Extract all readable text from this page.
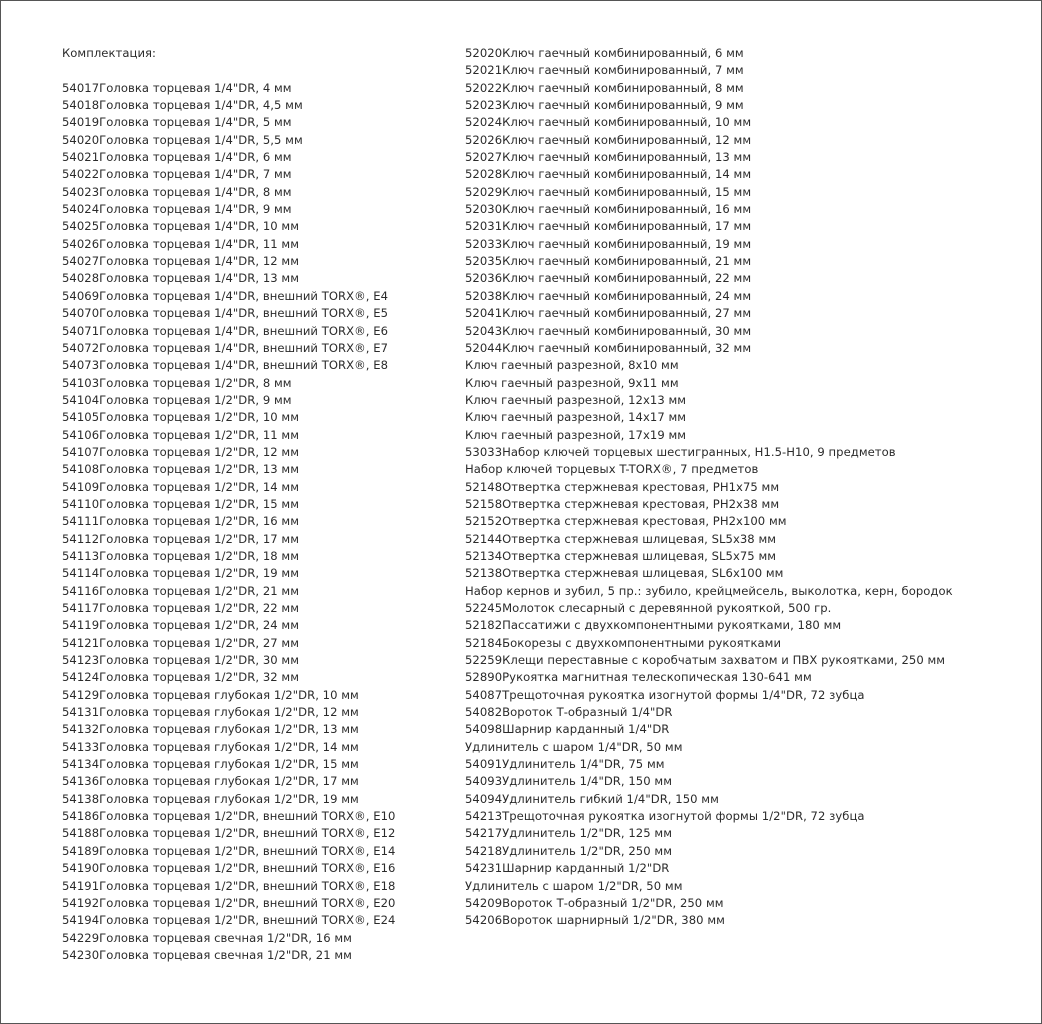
Комплектация:
54017Головка торцевая 1/4"DR, 4 мм
54018Головка торцевая 1/4"DR, 4,5 мм
54019Головка торцевая 1/4"DR, 5 мм
54020Головка торцевая 1/4"DR, 5,5 мм
54021Головка торцевая 1/4"DR, 6 мм
54022Головка торцевая 1/4"DR, 7 мм
54023Головка торцевая 1/4"DR, 8 мм
54024Головка торцевая 1/4"DR, 9 мм
54025Головка торцевая 1/4"DR, 10 мм
54026Головка торцевая 1/4"DR, 11 мм
54027Головка торцевая 1/4"DR, 12 мм
54028Головка торцевая 1/4"DR, 13 мм
54069Головка торцевая 1/4"DR, внешний TORX®, E4
54070Головка торцевая 1/4"DR, внешний TORX®, E5
54071Головка торцевая 1/4"DR, внешний TORX®, E6
54072Головка торцевая 1/4"DR, внешний TORX®, E7
54073Головка торцевая 1/4"DR, внешний TORX®, E8
54103Головка торцевая 1/2"DR, 8 мм
54104Головка торцевая 1/2"DR, 9 мм
54105Головка торцевая 1/2"DR, 10 мм
54106Головка торцевая 1/2"DR, 11 мм
54107Головка торцевая 1/2"DR, 12 мм
54108Головка торцевая 1/2"DR, 13 мм
54109Головка торцевая 1/2"DR, 14 мм
54110Головка торцевая 1/2"DR, 15 мм
54111Головка торцевая 1/2"DR, 16 мм
54112Головка торцевая 1/2"DR, 17 мм
54113Головка торцевая 1/2"DR, 18 мм
54114Головка торцевая 1/2"DR, 19 мм
54116Головка торцевая 1/2"DR, 21 мм
54117Головка торцевая 1/2"DR, 22 мм
54119Головка торцевая 1/2"DR, 24 мм
54121Головка торцевая 1/2"DR, 27 мм
54123Головка торцевая 1/2"DR, 30 мм
54124Головка торцевая 1/2"DR, 32 мм
54129Головка торцевая глубокая 1/2"DR, 10 мм
54131Головка торцевая глубокая 1/2"DR, 12 мм
54132Головка торцевая глубокая 1/2"DR, 13 мм
54133Головка торцевая глубокая 1/2"DR, 14 мм
54134Головка торцевая глубокая 1/2"DR, 15 мм
54136Головка торцевая глубокая 1/2"DR, 17 мм
54138Головка торцевая глубокая 1/2"DR, 19 мм
54186Головка торцевая 1/2"DR, внешний TORX®, E10
54188Головка торцевая 1/2"DR, внешний TORX®, E12
54189Головка торцевая 1/2"DR, внешний TORX®, E14
54190Головка торцевая 1/2"DR, внешний TORX®, E16
54191Головка торцевая 1/2"DR, внешний TORX®, E18
54192Головка торцевая 1/2"DR, внешний TORX®, E20
54194Головка торцевая 1/2"DR, внешний TORX®, E24
54229Головка торцевая свечная 1/2"DR, 16 мм
54230Головка торцевая свечная 1/2"DR, 21 мм
52020Ключ гаечный комбинированный, 6 мм
52021Ключ гаечный комбинированный, 7 мм
52022Ключ гаечный комбинированный, 8 мм
52023Ключ гаечный комбинированный, 9 мм
52024Ключ гаечный комбинированный, 10 мм
52026Ключ гаечный комбинированный, 12 мм
52027Ключ гаечный комбинированный, 13 мм
52028Ключ гаечный комбинированный, 14 мм
52029Ключ гаечный комбинированный, 15 мм
52030Ключ гаечный комбинированный, 16 мм
52031Ключ гаечный комбинированный, 17 мм
52033Ключ гаечный комбинированный, 19 мм
52035Ключ гаечный комбинированный, 21 мм
52036Ключ гаечный комбинированный, 22 мм
52038Ключ гаечный комбинированный, 24 мм
52041Ключ гаечный комбинированный, 27 мм
52043Ключ гаечный комбинированный, 30 мм
52044Ключ гаечный комбинированный, 32 мм
Ключ гаечный разрезной, 8x10 мм
Ключ гаечный разрезной, 9x11 мм
Ключ гаечный разрезной, 12x13 мм
Ключ гаечный разрезной, 14x17 мм
Ключ гаечный разрезной, 17x19 мм
53033Набор ключей торцевых шестигранных, H1.5-H10, 9 предметов
Набор ключей торцевых T-TORX®, 7 предметов
52148Отвертка стержневая крестовая, PH1x75 мм
52158Отвертка стержневая крестовая, PH2x38 мм
52152Отвертка стержневая крестовая, PH2x100 мм
52144Отвертка стержневая шлицевая, SL5x38 мм
52134Отвертка стержневая шлицевая, SL5x75 мм
52138Отвертка стержневая шлицевая, SL6x100 мм
Набор кернов и зубил, 5 пр.: зубило, крейцмейсель, выколотка, керн, бородок
52245Молоток слесарный с деревянной рукояткой, 500 гр.
52182Пассатижи с двухкомпонентными рукоятками, 180 мм
52184Бокорезы с двухкомпонентными рукоятками
52259Клещи переставные с коробчатым захватом и ПВХ рукоятками, 250 мм
52890Рукоятка магнитная телескопическая 130-641 мм
54087Трещоточная рукоятка изогнутой формы 1/4"DR, 72 зубца
54082Вороток Т-образный 1/4"DR
54098Шарнир карданный 1/4"DR
Удлинитель с шаром 1/4"DR, 50 мм
54091Удлинитель 1/4"DR, 75 мм
54093Удлинитель 1/4"DR, 150 мм
54094Удлинитель гибкий 1/4"DR, 150 мм
54213Трещоточная рукоятка изогнутой формы 1/2"DR, 72 зубца
54217Удлинитель 1/2"DR, 125 мм
54218Удлинитель 1/2"DR, 250 мм
54231Шарнир карданный 1/2"DR
Удлинитель с шаром 1/2"DR, 50 мм
54209Вороток Т-образный 1/2"DR, 250 мм
54206Вороток шарнирный 1/2"DR, 380 мм
